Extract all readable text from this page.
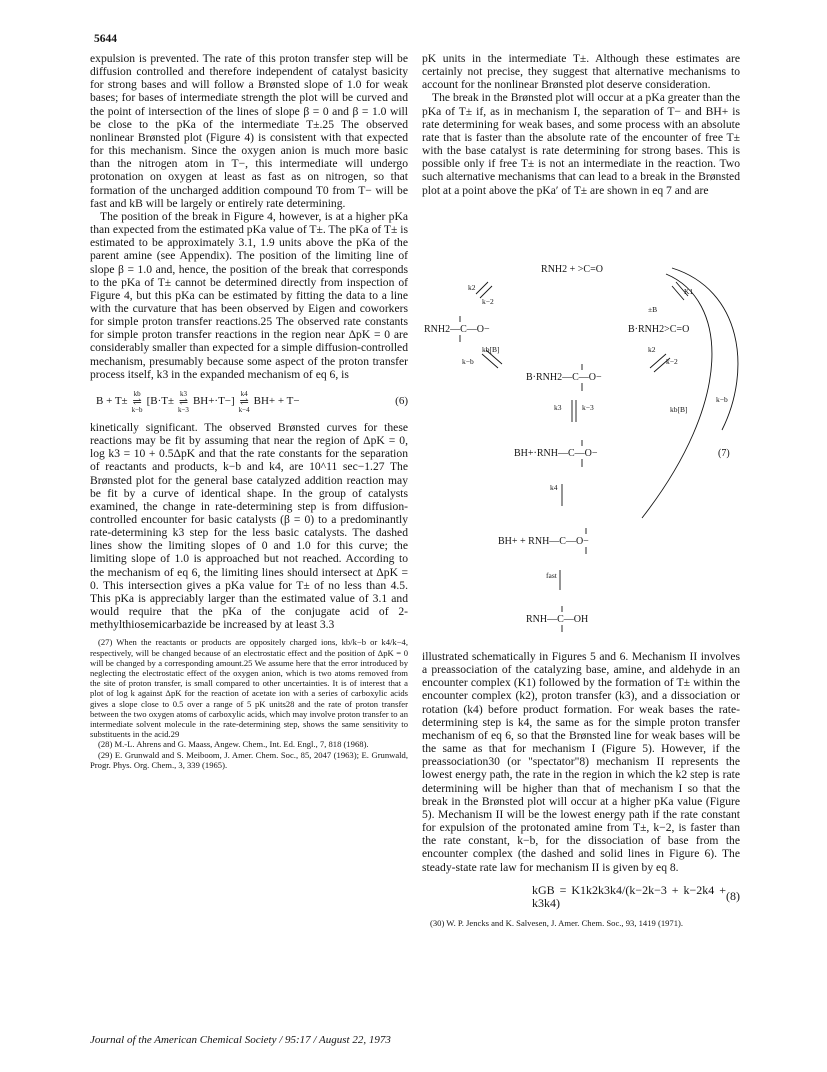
5644

expulsion is prevented. The rate of this proton transfer step will be diffusion controlled and therefore independent of catalyst basicity for strong bases and will follow a Brønsted slope of 1.0 for weak bases; for bases of intermediate strength the plot will be curved and the point of intersection of the lines of slope β = 0 and β = 1.0 will be close to the pKa of the intermediate T±.25 The observed nonlinear Brønsted plot (Figure 4) is consistent with that expected for this mechanism. Since the oxygen anion is much more basic than the nitrogen atom in T−, this intermediate will undergo protonation on oxygen at least as fast as on nitrogen, so that formation of the uncharged addition compound T0 from T− will be fast and kB will be largely or entirely rate determining.

The position of the break in Figure 4, however, is at a higher pKa than expected from the estimated pKa value of T±. The pKa of T± is estimated to be approximately 3.1, 1.9 units above the pKa of the parent amine (see Appendix). The position of the limiting line of slope β = 1.0 and, hence, the position of the break that corresponds to the pKa of T± cannot be determined directly from inspection of Figure 4, but this pKa can be estimated by fitting the data to a line with the curvature that has been observed by Eigen and coworkers for simple proton transfer reactions.25 The observed rate constants for simple proton transfer reactions in the region near ΔpK = 0 are considerably smaller than expected for a simple diffusion-controlled mechanism, presumably because some aspect of the proton transfer process itself, k3 in the expanded mechanism of eq 6, is

B + T±
kb
⇌
k−b
[B·T±
k3
⇌
k−3
BH+·T−]
k4
⇌
k−4
BH+ + T−	(6)

kinetically significant. The observed Brønsted curves for these reactions may be fit by assuming that near the region of ΔpK = 0, log k3 = 10 + 0.5ΔpK and that the rate constants for the separation of reactants and products, k−b and k4, are 10^11 sec−1.27 The Brønsted plot for the general base catalyzed addition reaction may be fit by a curve of identical shape. In the group of catalysts examined, the change in rate-determining step is from diffusion-controlled encounter for basic catalysts (β = 0) to a predominantly rate-determining k3 step for the less basic catalysts. The dashed lines show the limiting slopes of 0 and 1.0 for this curve; the limiting slope of 1.0 is approached but not reached. According to the mechanism of eq 6, the limiting lines should intersect at ΔpK = 0. This intersection gives a pKa value for T± of no less than 4.5. This pKa is appreciably larger than the estimated value of 3.1 and would require that the pKa of the conjugate acid of 2-methylthiosemicarbazide be increased by at least 3.3

(27) When the reactants or products are oppositely charged ions, kb/k−b or k4/k−4, respectively, will be changed because of an electrostatic effect and the position of ΔpK = 0 will be changed by a corresponding amount.25 We assume here that the error introduced by neglecting the electrostatic effect of the oxygen anion, which is two atoms removed from the site of proton transfer, is small compared to other uncertainties. It is of interest that a plot of log k against ΔpK for the reaction of acetate ion with a series of carboxylic acids gives a slope close to 0.5 over a range of 5 pK units28 and the rate of proton transfer between the two oxygen atoms of carboxylic acids, which may involve proton transfer to an intermediate solvent molecule in the rate-determining step, shows the same sensitivity to substituents in the acid.29

(28) M.-L. Ahrens and G. Maass, Angew. Chem., Int. Ed. Engl., 7, 818 (1968).

(29) E. Grunwald and S. Meiboom, J. Amer. Chem. Soc., 85, 2047 (1963); E. Grunwald, Progr. Phys. Org. Chem., 3, 339 (1965).

pK units in the intermediate T±. Although these estimates are certainly not precise, they suggest that alternative mechanisms to account for the nonlinear Brønsted plot deserve consideration.

The break in the Brønsted plot will occur at a pKa greater than the pKa of T± if, as in mechanism I, the separation of T− and BH+ is rate determining for weak bases, and some process with an absolute rate that is faster than the absolute rate of the encounter of free T± with the base catalyst is rate determining for strong bases. This is possible only if free T± is not an intermediate in the reaction. Two such alternative mechanisms that can lead to a break in the Brønsted plot at a point above the pKa′ of T± are shown in eq 7 and are

RNH2 + >C=O
RNH2—C—O−	B·RNH2>C=O
B·RNH2—C—O−
BH+·RNH—C—O−
BH+ + RNH—C—O−
RNH—C—OH
(7)
k2
k−2
K1
±B
kb[B]
k−b
k2
k−2
k3	k−3	kb[B]
k−b
k4
fast

illustrated schematically in Figures 5 and 6. Mechanism II involves a preassociation of the catalyzing base, amine, and aldehyde in an encounter complex (K1) followed by the formation of T± within the encounter complex (k2), proton transfer (k3), and a dissociation or rotation (k4) before product formation. For weak bases the rate-determining step is k4, the same as for the simple proton transfer mechanism of eq 6, so that the Brønsted line for weak bases will be the same as that for mechanism I (Figure 5). However, if the preassociation30 (or "spectator"8) mechanism II represents the lowest energy path, the rate in the region in which the k2 step is rate determining will be higher than that of mechanism I so that the break in the Brønsted plot will occur at a higher pKa value (Figure 5). Mechanism II will be the lowest energy path if the rate constant for expulsion of the protonated amine from T±, k−2, is faster than the rate constant, k−b, for the dissociation of base from the encounter complex (the dashed and solid lines in Figure 6). The steady-state rate law for mechanism II is given by eq 8.

kGB = K1k2k3k4/(k−2k−3 + k−2k4 + k3k4)	(8)

(30) W. P. Jencks and K. Salvesen, J. Amer. Chem. Soc., 93, 1419 (1971).

Journal of the American Chemical Society / 95:17 / August 22, 1973
